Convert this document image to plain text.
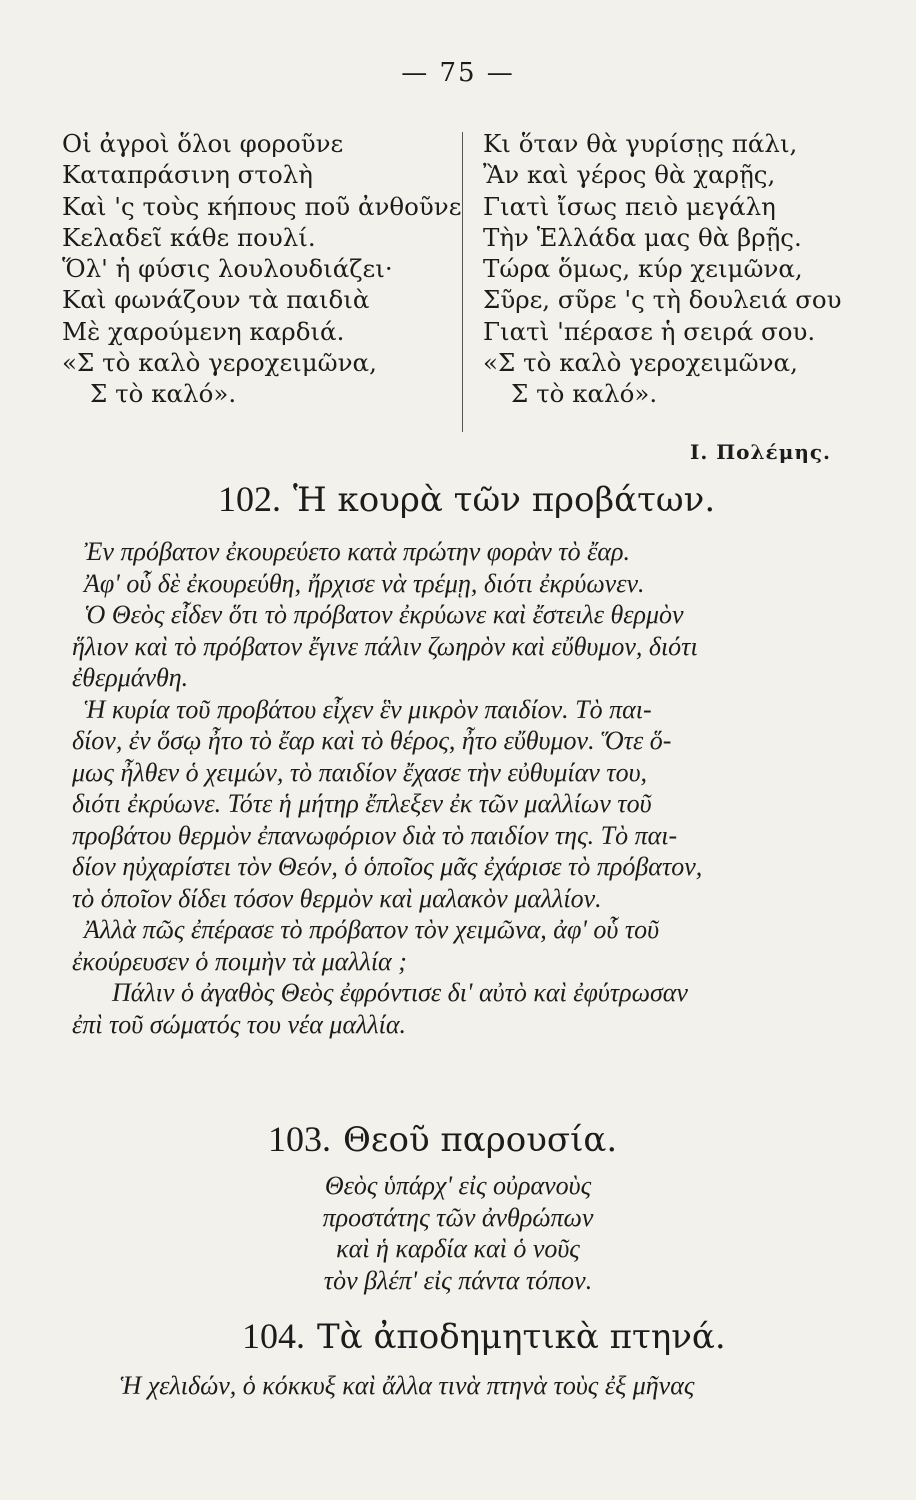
— 75 —
Οἱ ἀγροὶ ὅλοι φοροῦνε
Καταπράσινη στολὴ
Καὶ 'ς τοὺς κήπους ποῦ ἀνθοῦνε
Κελαδεῖ κάθε πουλί.
Ὅλ' ἡ φύσις λουλουδιάζει·
Καὶ φωνάζουν τὰ παιδιὰ
Μὲ χαρούμενη καρδιά.
«Σ τὸ καλὸ γεροχειμῶνα,
Σ τὸ καλό».
Κι ὅταν θὰ γυρίσῃς πάλι,
Ἂν καὶ γέρος θὰ χαρῇς,
Γιατὶ ἴσως πειὸ μεγάλη
Τὴν Ἑλλάδα μας θὰ βρῇς.
Τώρα ὅμως, κύρ χειμῶνα,
Σῦρε, σῦρε 'ς τὴ δουλειά σου
Γιατὶ 'πέρασε ἡ σειρά σου.
«Σ τὸ καλὸ γεροχειμῶνα,
Σ τὸ καλό».
Ι. Πολέμης.
102. Ἡ κουρὰ τῶν προβάτων.
Ἐν πρόβατον ἐκουρεύετο κατὰ πρώτην φορὰν τὸ ἔαρ.
Ἀφ' οὗ δὲ ἐκουρεύθη, ἤρχισε νὰ τρέμῃ, διότι ἐκρύωνεν.
Ὁ Θεὸς εἶδεν ὅτι τὸ πρόβατον ἐκρύωνε καὶ ἔστειλε θερμὸν
ἥλιον καὶ τὸ πρόβατον ἔγινε πάλιν ζωηρὸν καὶ εὔθυμον, διότι
ἐθερμάνθη.
Ἡ κυρία τοῦ προβάτου εἶχεν ἓν μικρὸν παιδίον. Τὸ παι-
δίον, ἐν ὅσῳ ἦτο τὸ ἔαρ καὶ τὸ θέρος, ἦτο εὔθυμον. Ὅτε ὅ-
μως ἦλθεν ὁ χειμών, τὸ παιδίον ἔχασε τὴν εὐθυμίαν του,
διότι ἐκρύωνε. Τότε ἡ μήτηρ ἔπλεξεν ἐκ τῶν μαλλίων τοῦ
προβάτου θερμὸν ἐπανωφόριον διὰ τὸ παιδίον της. Τὸ παι-
δίον ηὐχαρίστει τὸν Θεόν, ὁ ὁποῖος μᾶς ἐχάρισε τὸ πρόβατον,
τὸ ὁποῖον δίδει τόσον θερμὸν καὶ μαλακὸν μαλλίον.
Ἀλλὰ πῶς ἐπέρασε τὸ πρόβατον τὸν χειμῶνα, ἀφ' οὗ τοῦ
ἐκούρευσεν ὁ ποιμὴν τὰ μαλλία ;
Πάλιν ὁ ἀγαθὸς Θεὸς ἐφρόντισε δι' αὐτὸ καὶ ἐφύτρωσαν
ἐπὶ τοῦ σώματός του νέα μαλλία.
103. Θεοῦ παρουσία.
Θεὸς ὑπάρχ' εἰς οὐρανοὺς
προστάτης τῶν ἀνθρώπων
καὶ ἡ καρδία καὶ ὁ νοῦς
τὸν βλέπ' εἰς πάντα τόπον.
104. Τὰ ἀποδημητικὰ πτηνά.
Ἡ χελιδών, ὁ κόκκυξ καὶ ἄλλα τινὰ πτηνὰ τοὺς ἐξ μῆνας
